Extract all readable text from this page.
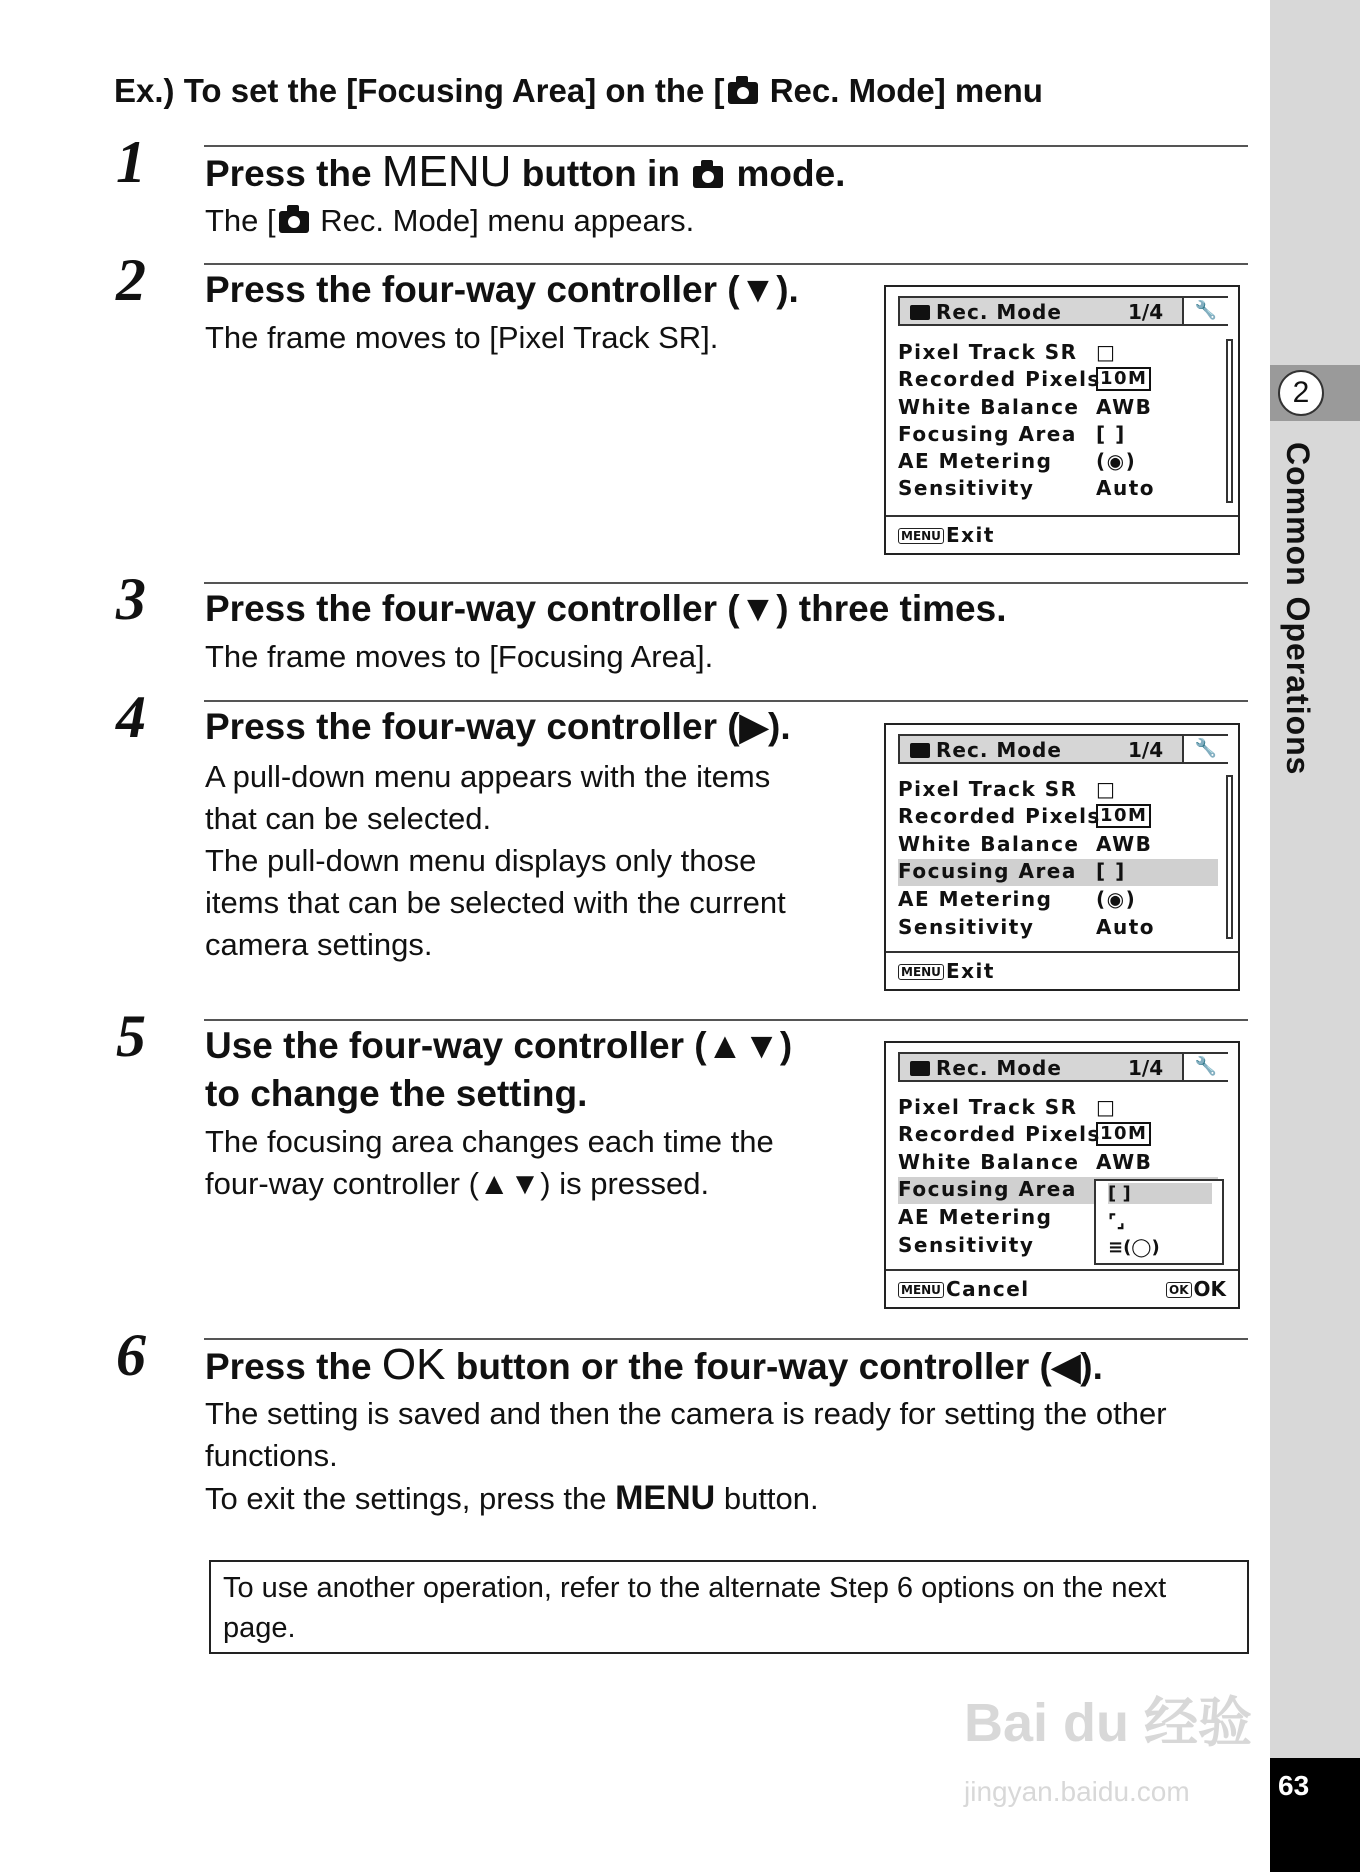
2
Common Operations
63
Ex.) To set the [Focusing Area] on the [ Rec. Mode] menu
1 Press the MENU button in  mode.
The [ Rec. Mode] menu appears.
2 Press the four-way controller (▼).
The frame moves to [Pixel Track SR].
Rec. Mode	1/4	🔧
Pixel Track SR □
Recorded Pixels 10M
White Balance AWB
Focusing Area [ ]
AE Metering (◉)
Sensitivity	Auto
MENU Exit
3 Press the four-way controller (▼) three times.
The frame moves to [Focusing Area].
4 Press the four-way controller (▶).
A pull-down menu appears with the items
that can be selected.
The pull-down menu displays only those
items that can be selected with the current
camera settings.
Rec. Mode	1/4	🔧
Pixel Track SR □
Recorded Pixels 10M
White Balance AWB
Focusing Area [ ]
AE Metering (◉)
Sensitivity	Auto
MENU Exit
5 Use the four-way controller (▲▼)
to change the setting.
The focusing area changes each time the
four-way controller (▲▼) is pressed.
Rec. Mode	1/4	🔧
Pixel Track SR □
Recorded Pixels 10M
White Balance AWB
Focusing Area
AE Metering
Sensitivity
[ ]
⌜⌟
≡(◯)
MENU Cancel	OK OK
6 Press the OK button or the four-way controller (◀).
The setting is saved and then the camera is ready for setting the other
functions.
To exit the settings, press the MENU button.
To use another operation, refer to the alternate Step 6 options on the next page.
Bai du 经验
jingyan.baidu.com
